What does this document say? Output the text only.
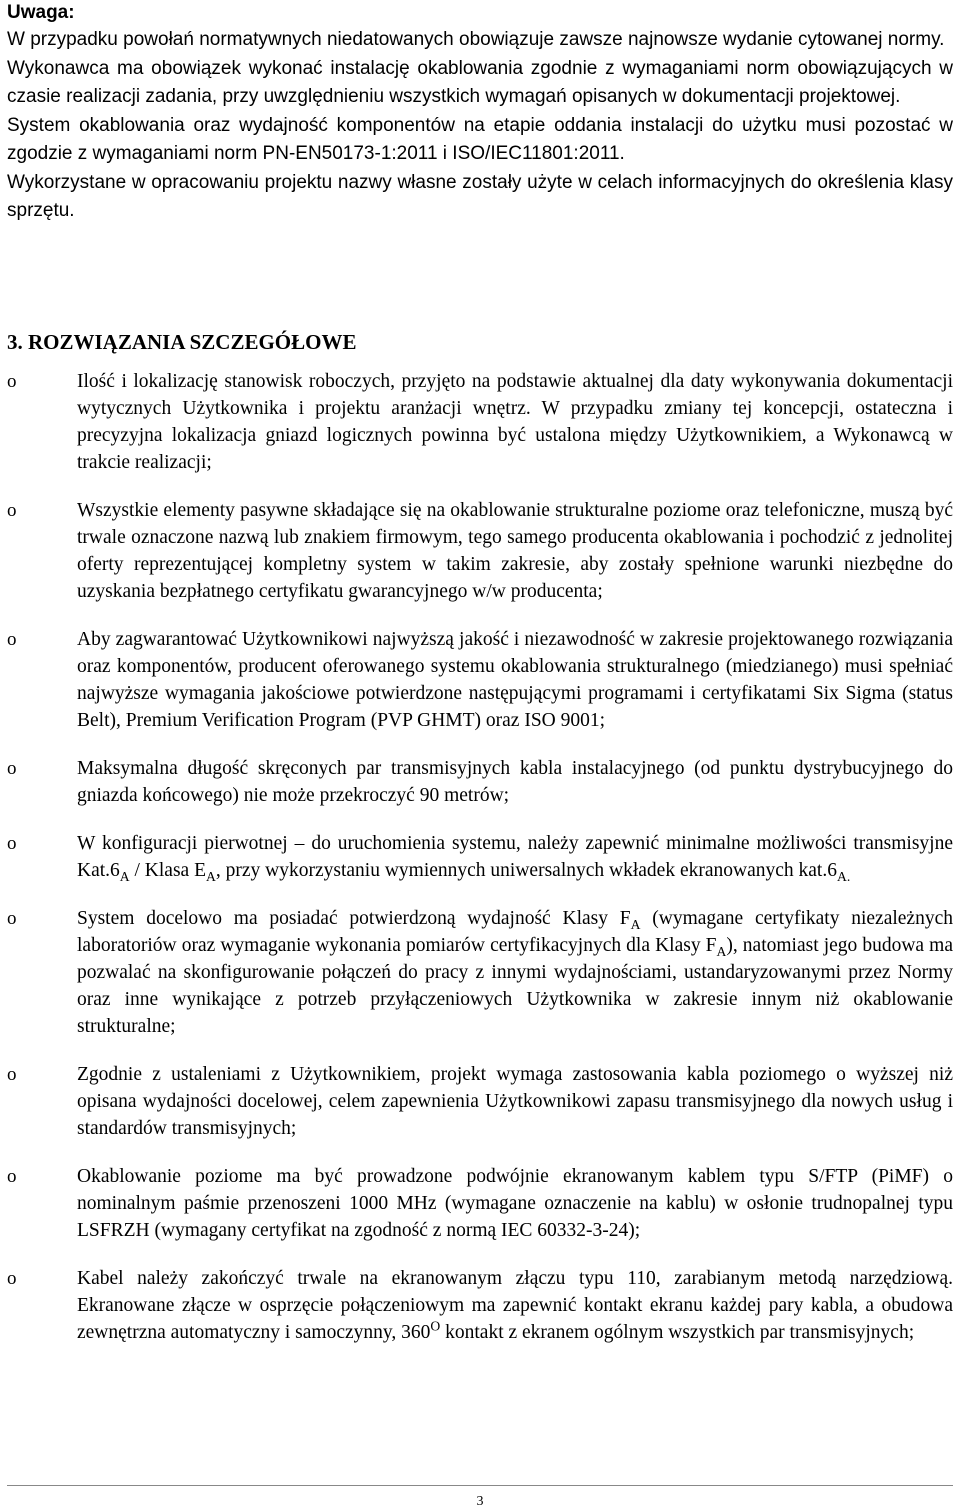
Uwaga:

W przypadku powołań normatywnych niedatowanych obowiązuje zawsze najnowsze wydanie cytowanej normy.

Wykonawca ma obowiązek wykonać instalację okablowania zgodnie z wymaganiami norm obowiązujących w czasie realizacji zadania, przy uwzględnieniu wszystkich wymagań opisanych w dokumentacji projektowej.

System okablowania oraz wydajność komponentów na etapie oddania instalacji do użytku musi pozostać w zgodzie z wymaganiami norm PN-EN50173-1:2011 i ISO/IEC11801:2011.

Wykorzystane w opracowaniu projektu nazwy własne zostały użyte w celach informacyjnych do określenia klasy sprzętu.

3. ROZWIĄZANIA SZCZEGÓŁOWE
o	Ilość i lokalizację stanowisk roboczych, przyjęto na podstawie aktualnej dla daty wykonywania dokumentacji wytycznych Użytkownika i projektu aranżacji wnętrz. W przypadku zmiany tej koncepcji, ostateczna i precyzyjna lokalizacja gniazd logicznych powinna być ustalona między Użytkownikiem, a Wykonawcą w trakcie realizacji;
o	Wszystkie elementy pasywne składające się na okablowanie strukturalne poziome oraz telefoniczne, muszą być trwale oznaczone nazwą lub znakiem firmowym, tego samego producenta okablowania i pochodzić z jednolitej oferty reprezentującej kompletny system w takim zakresie, aby zostały spełnione warunki niezbędne do uzyskania bezpłatnego certyfikatu gwarancyjnego w/w producenta;
o	Aby zagwarantować Użytkownikowi najwyższą jakość i niezawodność w zakresie projektowanego rozwiązania oraz komponentów, producent oferowanego systemu okablowania strukturalnego (miedzianego) musi spełniać najwyższe wymagania jakościowe potwierdzone następującymi programami i certyfikatami Six Sigma (status Belt), Premium Verification Program (PVP GHMT) oraz ISO 9001;
o	Maksymalna długość skręconych par transmisyjnych kabla instalacyjnego (od punktu dystrybucyjnego do gniazda końcowego) nie może przekroczyć 90 metrów;
o	W konfiguracji pierwotnej – do uruchomienia systemu, należy zapewnić minimalne możliwości transmisyjne $Kat.6_A$ / Klasa $E_A$, przy wykorzystaniu wymiennych uniwersalnych wkładek ekranowanych $kat.6_{A.}$
o	System docelowo ma posiadać potwierdzoną wydajność Klasy $F_A$ (wymagane certyfikaty niezależnych laboratoriów oraz wymaganie wykonania pomiarów certyfikacyjnych dla Klasy $F_A$), natomiast jego budowa ma pozwalać na skonfigurowanie połączeń do pracy z innymi wydajnościami, ustandaryzowanymi przez Normy oraz inne wynikające z potrzeb przyłączeniowych Użytkownika w zakresie innym niż okablowanie strukturalne;
o	Zgodnie z ustaleniami z Użytkownikiem, projekt wymaga zastosowania kabla poziomego o wyższej niż opisana wydajności docelowej, celem zapewnienia Użytkownikowi zapasu transmisyjnego dla nowych usług i standardów transmisyjnych;
o	Okablowanie poziome ma być prowadzone podwójnie ekranowanym kablem typu S/FTP (PiMF) o nominalnym paśmie przenoszeni 1000 MHz (wymagane oznaczenie na kablu) w osłonie trudnopalnej typu LSFRZH (wymagany certyfikat na zgodność z normą IEC 60332-3-24);
o	Kabel należy zakończyć trwale na ekranowanym złączu typu 110, zarabianym metodą narzędziową. Ekranowane złącze w osprzęcie połączeniowym ma zapewnić kontakt ekranu każdej pary kabla, a obudowa zewnętrzna automatyczny i samoczynny, $360^O$ kontakt z ekranem ogólnym wszystkich par transmisyjnych;
3
